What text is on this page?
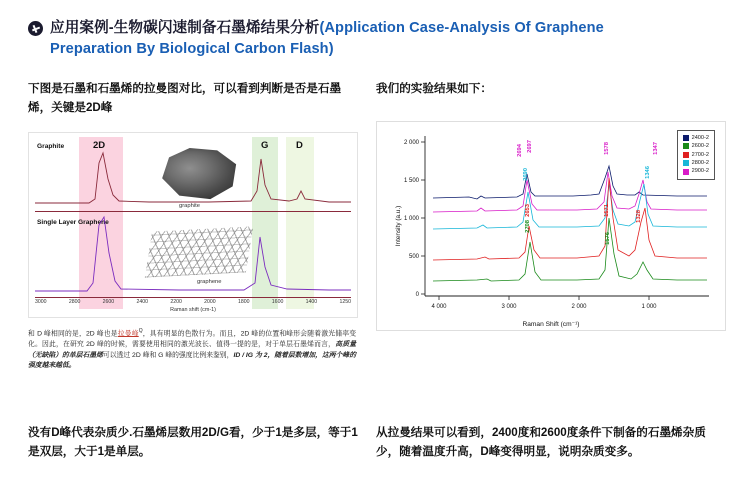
应用案例-生物碳闪速制备石墨烯结果分析(Application Case-Analysis Of Graphene
Preparation By Biological Carbon Flash)
下图是石墨和石墨烯的拉曼图对比，可以看到判断是否是石墨烯，关键是2D峰
2D	G	D
Graphite
Single Layer Graphene
graphite
graphene
3000	2800	2600	2400	2200	2000	1800	1600	1400	1250
Raman shift (cm-1)
和 D 峰相同的是，2D 峰也是拉曼峰$^Q$，具有明显的色散行为。而且，2D 峰的位置和峰形会随着激光储率变化。因此，在研究 2D 峰的时候，需要使用相同的激光波长、值得一提的是，对于单层石墨烯而言，高质量（无缺陷）的单层石墨烯可以透过 2D 峰和 G 峰的强度比例来鉴别，ID / IG 为 2，随着层数增加，这两个峰的强度越来越低。
没有D峰代表杂质少.石墨烯层数用2D/G看，少于1是多层，等于1是双层，大于1是单层。
我们的实验结果如下：
Intensity (a.u.)
Raman Shift (cm⁻¹)
2 000
1 500
1 000
500
0
4 000	3 000	2 000	1 000
2694 2697
2690
2653
2708
1578
1571
1576
1328
1346
1347
2400-2
2600-2
2700-2
2800-2
2900-2
从拉曼结果可以看到，2400度和2600度条件下制备的石墨烯杂质少，随着温度升高，D峰变得明显，说明杂质变多。
